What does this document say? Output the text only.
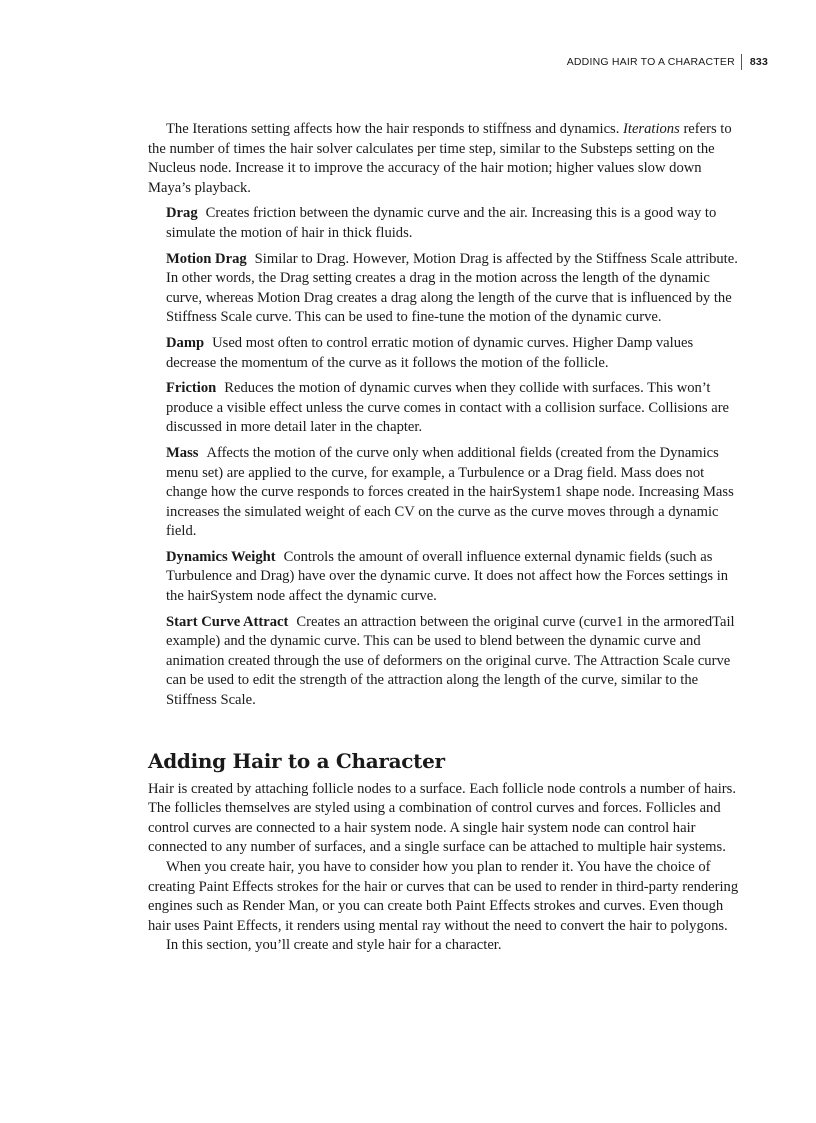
ADDING HAIR TO A CHARACTER	833

The Iterations setting affects how the hair responds to stiffness and dynamics. Iterations refers to the number of times the hair solver calculates per time step, similar to the Substeps setting on the Nucleus node. Increase it to improve the accuracy of the hair motion; higher values slow down Maya’s playback.

Drag Creates friction between the dynamic curve and the air. Increasing this is a good way to simulate the motion of hair in thick fluids.

Motion Drag Similar to Drag. However, Motion Drag is affected by the Stiffness Scale attribute. In other words, the Drag setting creates a drag in the motion across the length of the dynamic curve, whereas Motion Drag creates a drag along the length of the curve that is influenced by the Stiffness Scale curve. This can be used to fine-tune the motion of the dynamic curve.

Damp Used most often to control erratic motion of dynamic curves. Higher Damp values decrease the momentum of the curve as it follows the motion of the follicle.

Friction Reduces the motion of dynamic curves when they collide with surfaces. This won’t produce a visible effect unless the curve comes in contact with a collision surface. Collisions are discussed in more detail later in the chapter.

Mass Affects the motion of the curve only when additional fields (created from the Dynamics menu set) are applied to the curve, for example, a Turbulence or a Drag field. Mass does not change how the curve responds to forces created in the hairSystem1 shape node. Increasing Mass increases the simulated weight of each CV on the curve as the curve moves through a dynamic field.

Dynamics Weight Controls the amount of overall influence external dynamic fields (such as Turbulence and Drag) have over the dynamic curve. It does not affect how the Forces settings in the hairSystem node affect the dynamic curve.

Start Curve Attract Creates an attraction between the original curve (curve1 in the armoredTail example) and the dynamic curve. This can be used to blend between the dynamic curve and animation created through the use of deformers on the original curve. The Attraction Scale curve can be used to edit the strength of the attraction along the length of the curve, similar to the Stiffness Scale.

Adding Hair to a Character

Hair is created by attaching follicle nodes to a surface. Each follicle node controls a number of hairs. The follicles themselves are styled using a combination of control curves and forces. Follicles and control curves are connected to a hair system node. A single hair system node can control hair connected to any number of surfaces, and a single surface can be attached to multiple hair systems.

When you create hair, you have to consider how you plan to render it. You have the choice of creating Paint Effects strokes for the hair or curves that can be used to render in third-party rendering engines such as Render Man, or you can create both Paint Effects strokes and curves. Even though hair uses Paint Effects, it renders using mental ray without the need to convert the hair to polygons.

In this section, you’ll create and style hair for a character.
